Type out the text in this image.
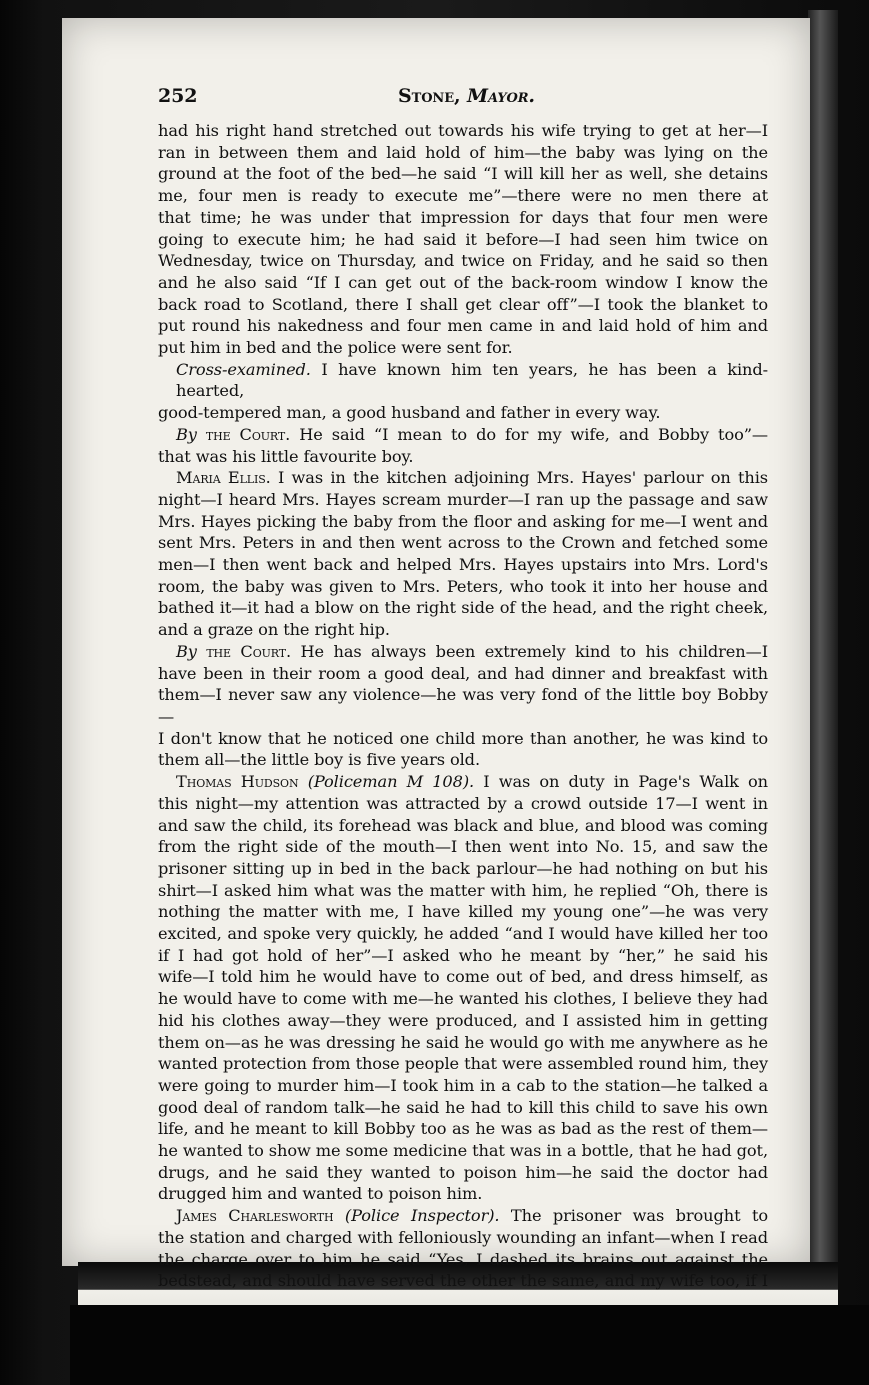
252	Stone, Mayor.
had his right hand stretched out towards his wife trying to get at her—I
ran in between them and laid hold of him—the baby was lying on the
ground at the foot of the bed—he said “I will kill her as well, she detains
me, four men is ready to execute me”—there were no men there at
that time; he was under that impression for days that four men were
going to execute him; he had said it before—I had seen him twice on
Wednesday, twice on Thursday, and twice on Friday, and he said so then
and he also said “If I can get out of the back-room window I know the
back road to Scotland, there I shall get clear off”—I took the blanket to
put round his nakedness and four men came in and laid hold of him and
put him in bed and the police were sent for.
Cross-examined. I have known him ten years, he has been a kind-hearted,
good-tempered man, a good husband and father in every way.
By the Court. He said “I mean to do for my wife, and Bobby too”—
that was his little favourite boy.
Maria Ellis. I was in the kitchen adjoining Mrs. Hayes' parlour on this
night—I heard Mrs. Hayes scream murder—I ran up the passage and saw
Mrs. Hayes picking the baby from the floor and asking for me—I went and
sent Mrs. Peters in and then went across to the Crown and fetched some
men—I then went back and helped Mrs. Hayes upstairs into Mrs. Lord's
room, the baby was given to Mrs. Peters, who took it into her house and
bathed it—it had a blow on the right side of the head, and the right cheek,
and a graze on the right hip.
By the Court. He has always been extremely kind to his children—I
have been in their room a good deal, and had dinner and breakfast with
them—I never saw any violence—he was very fond of the little boy Bobby—
I don't know that he noticed one child more than another, he was kind to
them all—the little boy is five years old.
Thomas Hudson (Policeman M 108). I was on duty in Page's Walk on
this night—my attention was attracted by a crowd outside 17—I went in
and saw the child, its forehead was black and blue, and blood was coming
from the right side of the mouth—I then went into No. 15, and saw the
prisoner sitting up in bed in the back parlour—he had nothing on but his
shirt—I asked him what was the matter with him, he replied “Oh, there is
nothing the matter with me, I have killed my young one”—he was very
excited, and spoke very quickly, he added “and I would have killed her too
if I had got hold of her”—I asked who he meant by “her,” he said his
wife—I told him he would have to come out of bed, and dress himself, as
he would have to come with me—he wanted his clothes, I believe they had
hid his clothes away—they were produced, and I assisted him in getting
them on—as he was dressing he said he would go with me anywhere as he
wanted protection from those people that were assembled round him, they
were going to murder him—I took him in a cab to the station—he talked a
good deal of random talk—he said he had to kill this child to save his own
life, and he meant to kill Bobby too as he was as bad as the rest of them—
he wanted to show me some medicine that was in a bottle, that he had got,
drugs, and he said they wanted to poison him—he said the doctor had
drugged him and wanted to poison him.
James Charlesworth (Police Inspector). The prisoner was brought to
the station and charged with felloniously wounding an infant—when I read
the charge over to him he said “Yes, I dashed its brains out against the
bedstead, and should have served the other the same, and my wife too, if I
